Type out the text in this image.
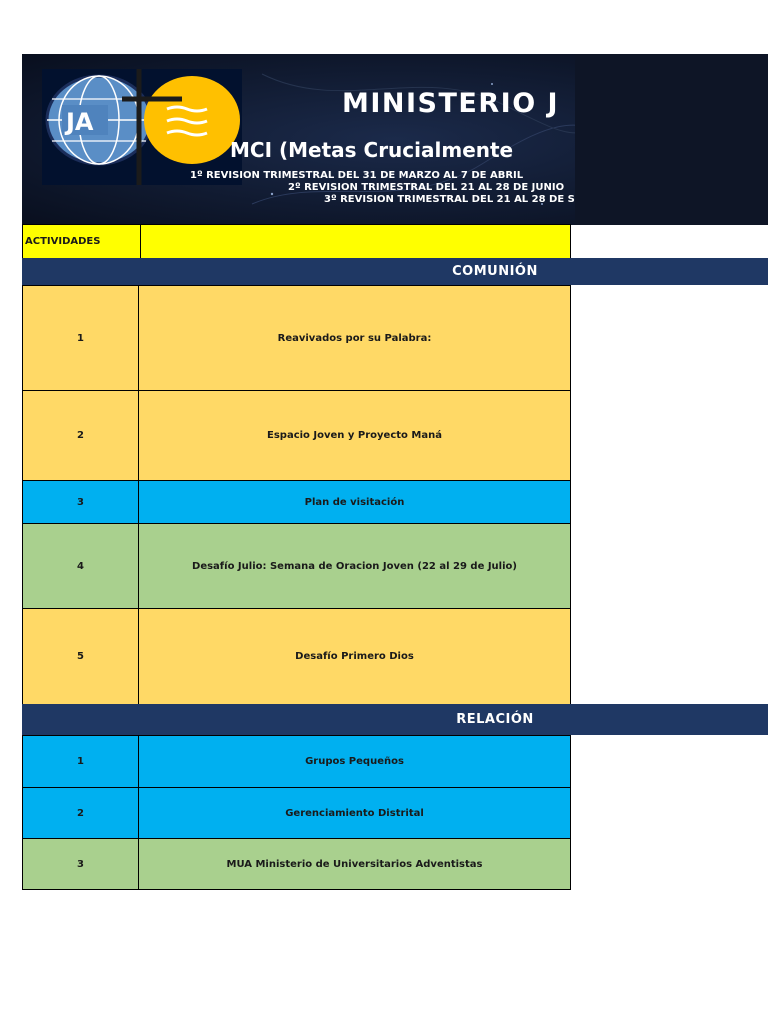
JA
MINISTERIO J
MCI (Metas Crucialmente
1º REVISION TRIMESTRAL DEL 31 DE MARZO AL 7 DE ABRIL
2º REVISION TRIMESTRAL DEL 21 AL 28 DE JUNIO
3º REVISION TRIMESTRAL DEL 21 AL 28 DE S
ACTIVIDADES	
COMUNIÓN
1	Reavivados por su Palabra:
2	Espacio Joven y Proyecto Maná
3	Plan de visitación
4	Desafío Julio: Semana de Oracion Joven (22 al 29 de Julio)
5	Desafío Primero Dios
RELACIÓN
1	Grupos Pequeños
2	Gerenciamiento Distrital
3	MUA Ministerio de Universitarios Adventistas
